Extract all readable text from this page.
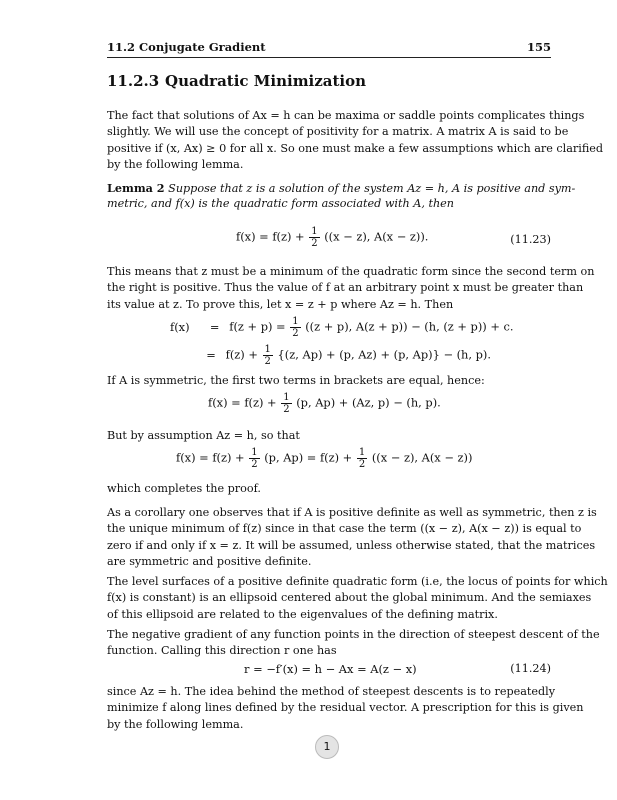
11.2 Conjugate Gradient	155
11.2.3 Quadratic Minimization
The fact that solutions of Ax = h can be maxima or saddle points complicates things
slightly. We will use the concept of positivity for a matrix. A matrix A is said to be
positive if (x, Ax) ≥ 0 for all x. So one must make a few assumptions which are clarified
by the following lemma.
Lemma 2 Suppose that z is a solution of the system Az = h, A is positive and sym-
metric, and f(x) is the quadratic form associated with A, then
$f(x) = f(z) + \frac{1}{2} ((x - z)$, A(x − z)).	(11.23)
This means that z must be a minimum of the quadratic form since the second term on
the right is positive. Thus the value of f at an arbitrary point x must be greater than
its value at z. To prove this, let x = z + p where Az = h. Then
$f(x) = f(z + p) = \frac{1}{2} ((z + p)$, A(z + p)) − (h, (z + p)) + c.
= $f(z) + \frac{1}{2} \{(z$, Ap) + (p, Az) + (p, Ap)} − (h, p).
If A is symmetric, the first two terms in brackets are equal, hence:
$f(x) = f(z) + \frac{1}{2} (p$, Ap) + (Az, p) − (h, p).
But by assumption Az = h, so that
$f(x) = f(z) + \frac{1}{2} (p$, $Ap) = f(z) + \frac{1}{2} ((x - z)$, A(x − z))
which completes the proof.
As a corollary one observes that if A is positive definite as well as symmetric, then z is
the unique minimum of f(z) since in that case the term ((x − z), A(x − z)) is equal to
zero if and only if x = z. It will be assumed, unless otherwise stated, that the matrices
are symmetric and positive definite.
The level surfaces of a positive definite quadratic form (i.e, the locus of points for which
f(x) is constant) is an ellipsoid centered about the global minimum. And the semiaxes
of this ellipsoid are related to the eigenvalues of the defining matrix.
The negative gradient of any function points in the direction of steepest descent of the
function. Calling this direction r one has
r = −f′(x) = h − Ax = A(z − x)	(11.24)
since Az = h. The idea behind the method of steepest descents is to repeatedly
minimize f along lines defined by the residual vector. A prescription for this is given
by the following lemma.
1
